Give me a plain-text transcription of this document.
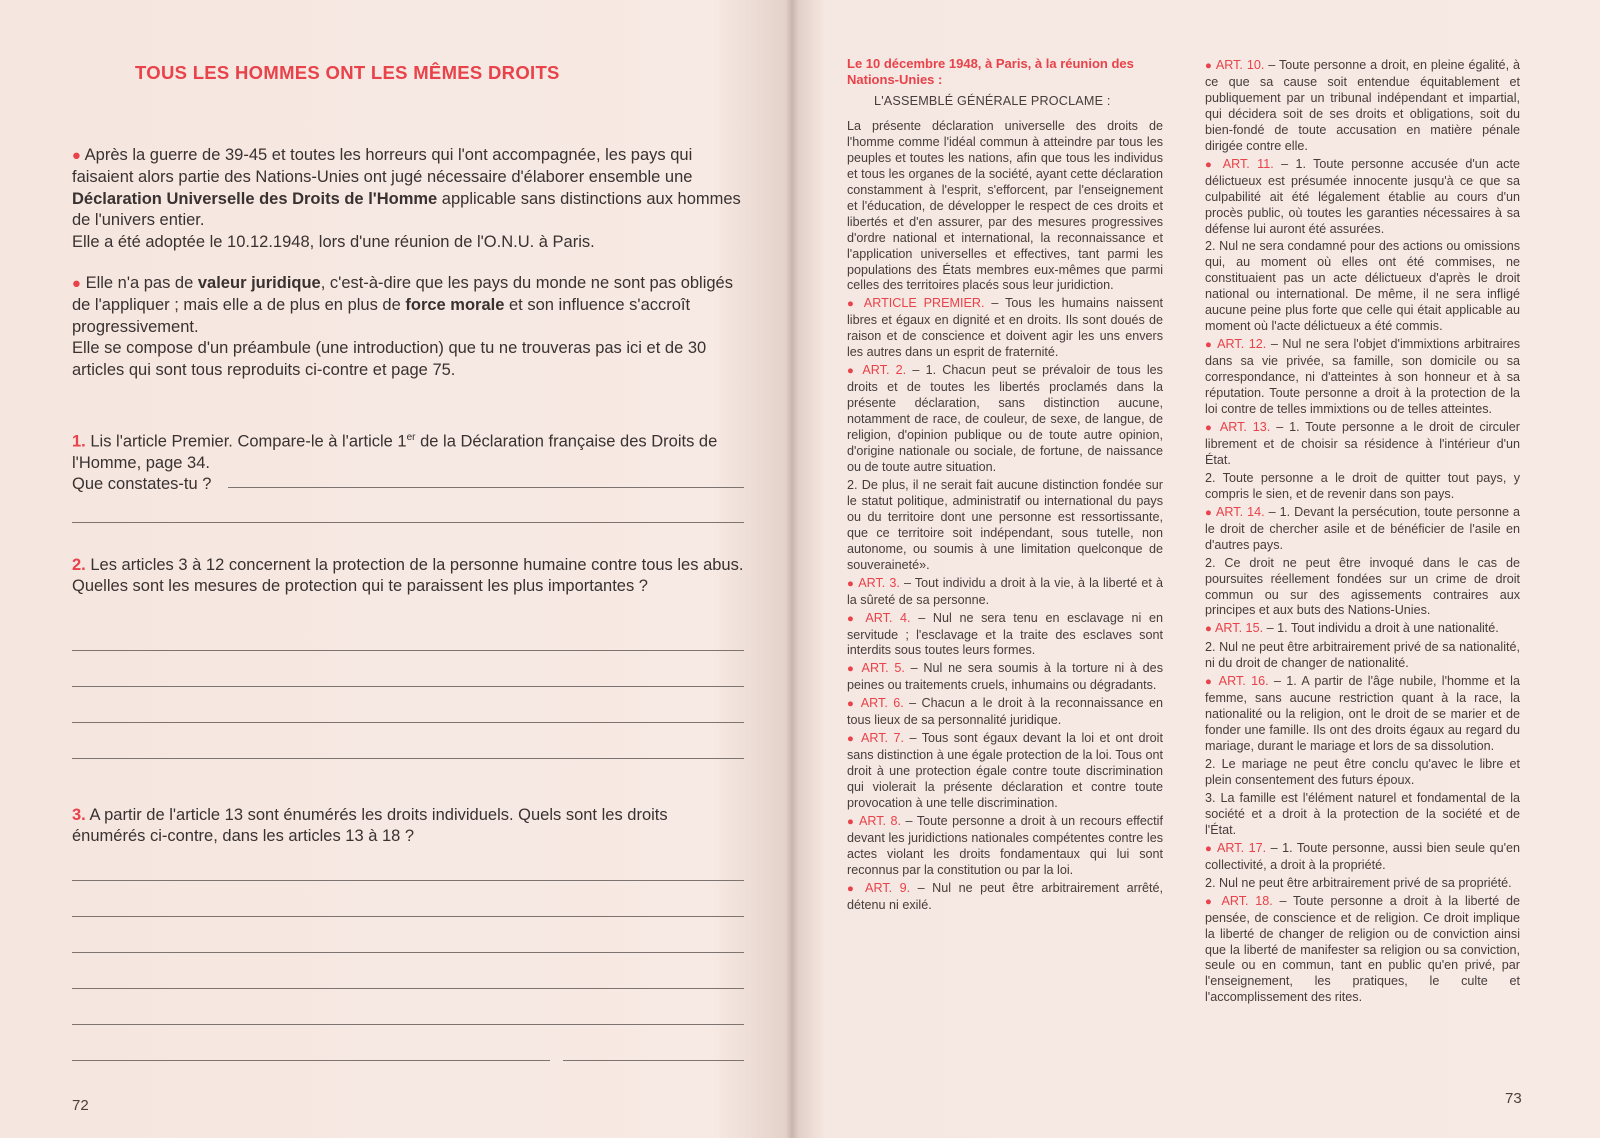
TOUS LES HOMMES ONT LES MÊMES DROITS

● Après la guerre de 39-45 et toutes les horreurs qui l'ont accompagnée, les pays qui faisaient alors partie des Nations-Unies ont jugé nécessaire d'élaborer ensemble une Déclaration Universelle des Droits de l'Homme applicable sans distinctions aux hommes de l'univers entier.

Elle a été adoptée le 10.12.1948, lors d'une réunion de l'O.N.U. à Paris.

● Elle n'a pas de valeur juridique, c'est-à-dire que les pays du monde ne sont pas obligés de l'appliquer ; mais elle a de plus en plus de force morale et son influence s'accroît progressivement.

Elle se compose d'un préambule (une introduction) que tu ne trouveras pas ici et de 30 articles qui sont tous reproduits ci-contre et page 75.

1. Lis l'article Premier. Compare-le à l'article 1er de la Déclaration française des Droits de l'Homme, page 34.

Que constates-tu ?

2. Les articles 3 à 12 concernent la protection de la personne humaine contre tous les abus.

Quelles sont les mesures de protection qui te paraissent les plus importantes ?

3. A partir de l'article 13 sont énumérés les droits individuels. Quels sont les droits énumérés ci-contre, dans les articles 13 à 18 ?

72

Le 10 décembre 1948, à Paris, à la réunion des Nations-Unies :

L'ASSEMBLÉ GÉNÉRALE PROCLAME :

La présente déclaration universelle des droits de l'homme comme l'idéal commun à atteindre par tous les peuples et toutes les nations, afin que tous les individus et tous les organes de la société, ayant cette déclaration constamment à l'esprit, s'efforcent, par l'enseignement et l'éducation, de développer le respect de ces droits et libertés et d'en assurer, par des mesures progressives d'ordre national et international, la reconnaissance et l'application universelles et effectives, tant parmi les populations des États membres eux-mêmes que parmi celles des territoires placés sous leur juridiction.

● ARTICLE PREMIER. – Tous les humains naissent libres et égaux en dignité et en droits. Ils sont doués de raison et de conscience et doivent agir les uns envers les autres dans un esprit de fraternité.

● ART. 2. – 1. Chacun peut se prévaloir de tous les droits et de toutes les libertés proclamés dans la présente déclaration, sans distinction aucune, notamment de race, de couleur, de sexe, de langue, de religion, d'opinion publique ou de toute autre opinion, d'origine nationale ou sociale, de fortune, de naissance ou de toute autre situation.

2. De plus, il ne serait fait aucune distinction fondée sur le statut politique, administratif ou international du pays ou du territoire dont une personne est ressortissante, que ce territoire soit indépendant, sous tutelle, non autonome, ou soumis à une limitation quelconque de souveraineté».

● ART. 3. – Tout individu a droit à la vie, à la liberté et à la sûreté de sa personne.

● ART. 4. – Nul ne sera tenu en esclavage ni en servitude ; l'esclavage et la traite des esclaves sont interdits sous toutes leurs formes.

● ART. 5. – Nul ne sera soumis à la torture ni à des peines ou traitements cruels, inhumains ou dégradants.

● ART. 6. – Chacun a le droit à la reconnaissance en tous lieux de sa personnalité juridique.

● ART. 7. – Tous sont égaux devant la loi et ont droit sans distinction à une égale protection de la loi. Tous ont droit à une protection égale contre toute discrimination qui violerait la présente déclaration et contre toute provocation à une telle discrimination.

● ART. 8. – Toute personne a droit à un recours effectif devant les juridictions nationales compétentes contre les actes violant les droits fondamentaux qui lui sont reconnus par la constitution ou par la loi.

● ART. 9. – Nul ne peut être arbitrairement arrêté, détenu ni exilé.

● ART. 10. – Toute personne a droit, en pleine égalité, à ce que sa cause soit entendue équitablement et publiquement par un tribunal indépendant et impartial, qui décidera soit de ses droits et obligations, soit du bien-fondé de toute accusation en matière pénale dirigée contre elle.

● ART. 11. – 1. Toute personne accusée d'un acte délictueux est présumée innocente jusqu'à ce que sa culpabilité ait été légalement établie au cours d'un procès public, où toutes les garanties nécessaires à sa défense lui auront été assurées.

2. Nul ne sera condamné pour des actions ou omissions qui, au moment où elles ont été commises, ne constituaient pas un acte délictueux d'après le droit national ou international. De même, il ne sera infligé aucune peine plus forte que celle qui était applicable au moment où l'acte délictueux a été commis.

● ART. 12. – Nul ne sera l'objet d'immixtions arbitraires dans sa vie privée, sa famille, son domicile ou sa correspondance, ni d'atteintes à son honneur et à sa réputation. Toute personne a droit à la protection de la loi contre de telles immixtions ou de telles atteintes.

● ART. 13. – 1. Toute personne a le droit de circuler librement et de choisir sa résidence à l'intérieur d'un État.

2. Toute personne a le droit de quitter tout pays, y compris le sien, et de revenir dans son pays.

● ART. 14. – 1. Devant la persécution, toute personne a le droit de chercher asile et de bénéficier de l'asile en d'autres pays.

2. Ce droit ne peut être invoqué dans le cas de poursuites réellement fondées sur un crime de droit commun ou sur des agissements contraires aux principes et aux buts des Nations-Unies.

● ART. 15. – 1. Tout individu a droit à une nationalité.

2. Nul ne peut être arbitrairement privé de sa nationalité, ni du droit de changer de nationalité.

● ART. 16. – 1. A partir de l'âge nubile, l'homme et la femme, sans aucune restriction quant à la race, la nationalité ou la religion, ont le droit de se marier et de fonder une famille. Ils ont des droits égaux au regard du mariage, durant le mariage et lors de sa dissolution.

2. Le mariage ne peut être conclu qu'avec le libre et plein consentement des futurs époux.

3. La famille est l'élément naturel et fondamental de la société et a droit à la protection de la société et de l'État.

● ART. 17. – 1. Toute personne, aussi bien seule qu'en collectivité, a droit à la propriété.

2. Nul ne peut être arbitrairement privé de sa propriété.

● ART. 18. – Toute personne a droit à la liberté de pensée, de conscience et de religion. Ce droit implique la liberté de changer de religion ou de conviction ainsi que la liberté de manifester sa religion ou sa conviction, seule ou en commun, tant en public qu'en privé, par l'enseignement, les pratiques, le culte et l'accomplissement des rites.

73
